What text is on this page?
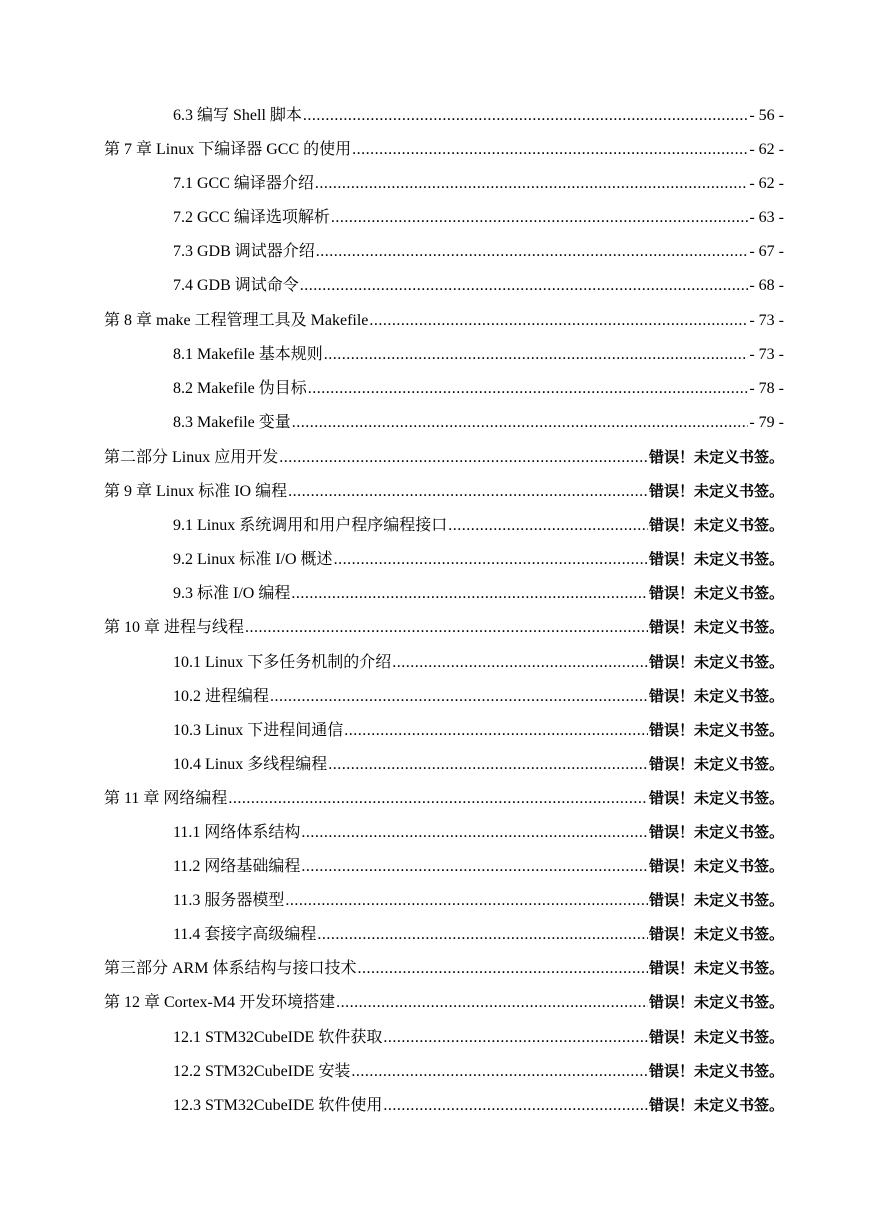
6.3 编写 Shell 脚本 .....	- 56 -
第 7 章 Linux 下编译器 GCC 的使用 .....	- 62 -
7.1 GCC 编译器介绍 .....	- 62 -
7.2 GCC 编译选项解析 .....	- 63 -
7.3 GDB 调试器介绍 .....	- 67 -
7.4 GDB 调试命令 .....	- 68 -
第 8 章 make 工程管理工具及 Makefile .....	- 73 -
8.1 Makefile 基本规则 .....	- 73 -
8.2 Makefile 伪目标 .....	- 78 -
8.3 Makefile 变量 .....	- 79 -
第二部分 Linux 应用开发 .....	错误！未定义书签。
第 9 章 Linux 标准 IO 编程 .....	错误！未定义书签。
9.1 Linux 系统调用和用户程序编程接口 .....	错误！未定义书签。
9.2 Linux 标准 I/O 概述 .....	错误！未定义书签。
9.3 标准 I/O 编程 .....	错误！未定义书签。
第 10 章 进程与线程 .....	错误！未定义书签。
10.1 Linux 下多任务机制的介绍 .....	错误！未定义书签。
10.2 进程编程 .....	错误！未定义书签。
10.3 Linux 下进程间通信 .....	错误！未定义书签。
10.4 Linux 多线程编程 .....	错误！未定义书签。
第 11 章 网络编程 .....	错误！未定义书签。
11.1 网络体系结构 .....	错误！未定义书签。
11.2 网络基础编程 .....	错误！未定义书签。
11.3 服务器模型 .....	错误！未定义书签。
11.4 套接字高级编程 .....	错误！未定义书签。
第三部分 ARM 体系结构与接口技术 .....	错误！未定义书签。
第 12 章 Cortex-M4 开发环境搭建 .....	错误！未定义书签。
12.1 STM32CubeIDE 软件获取 .....	错误！未定义书签。
12.2 STM32CubeIDE 安装 .....	错误！未定义书签。
12.3 STM32CubeIDE 软件使用 .....	错误！未定义书签。
